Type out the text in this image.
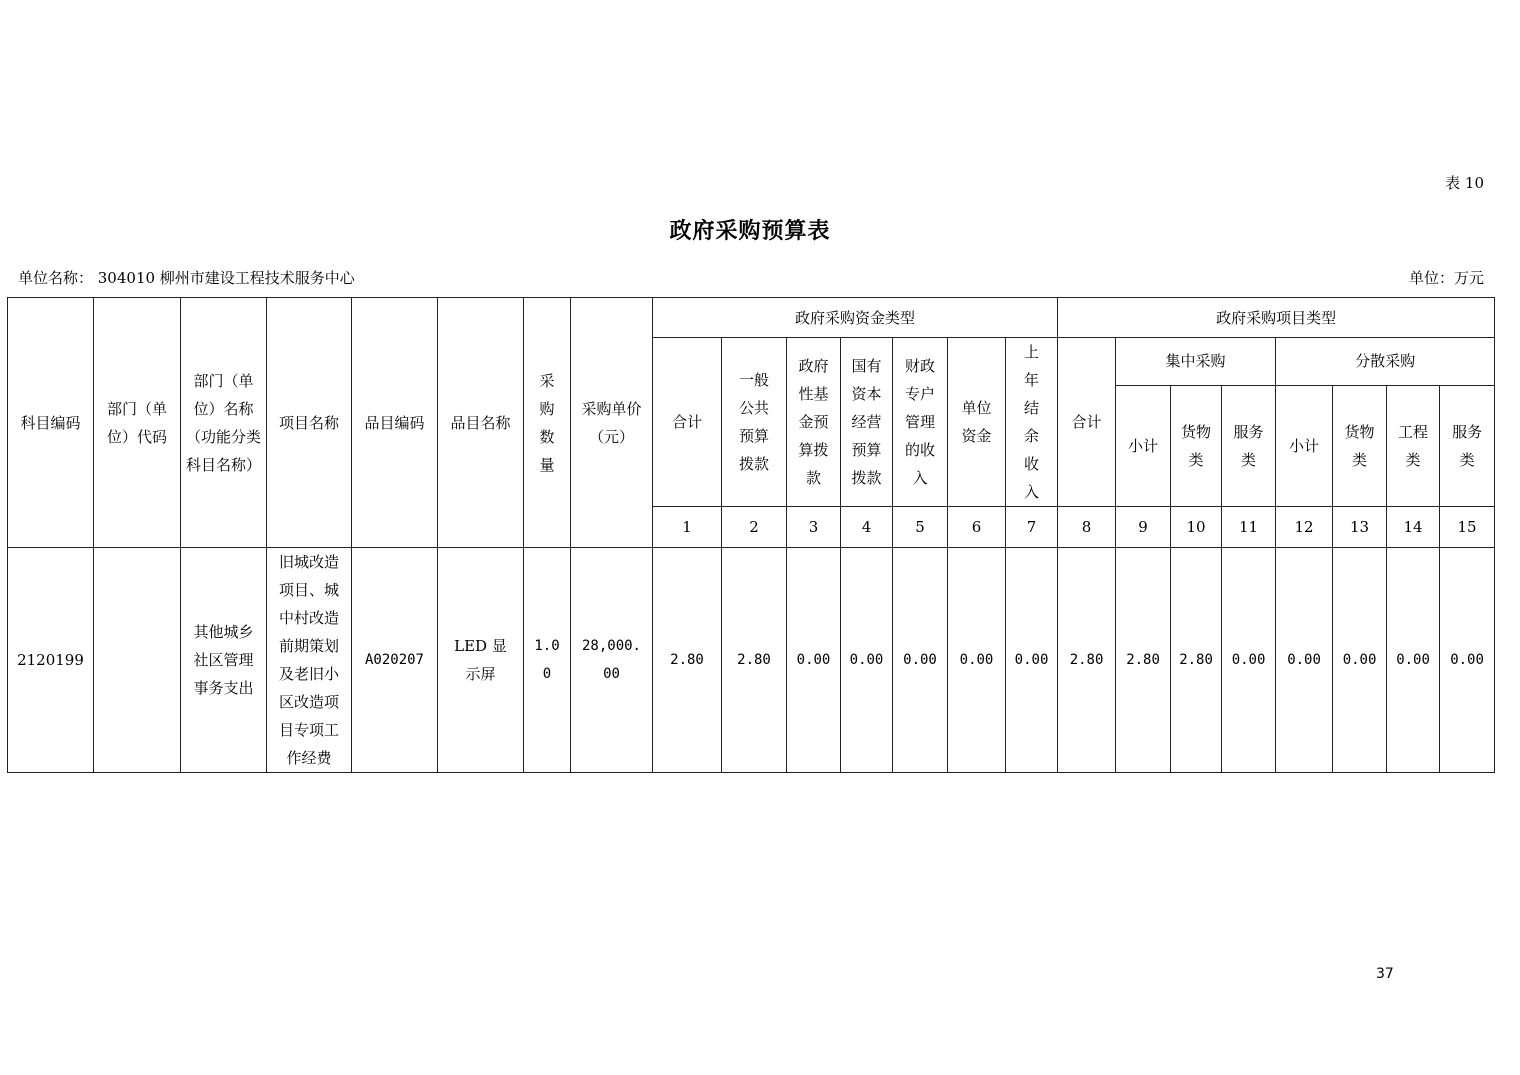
表 10
政府采购预算表
单位名称： 304010 柳州市建设工程技术服务中心	单位：万元
科目编码	部门（单位）代码	部门（单位）名称（功能分类科目名称）	项目名称	品目编码	品目名称	采购数量	采购单价（元）	政府采购资金类型							政府采购项目类型							
								合计	一般公共预算拨款	政府性基金预算拨款	国有资本经营预算拨款	财政专户管理的收入	单位资金	上年结余收入	合计	集中采购			分散采购			
																小计	货物类	服务类	小计	货物类	工程类	服务类

								1	2	3	4	5	6	7	8	9	10	11	12	13	14	15
2120199		其他城乡社区管理事务支出	旧城改造项目、城中村改造前期策划及老旧小区改造项目专项工作经费	A020207	LED 显示屏	1.00	28,000.00	2.80	2.80	0.00	0.00	0.00	0.00	0.00	2.80	2.80	2.80	0.00	0.00	0.00	0.00	0.00
37
